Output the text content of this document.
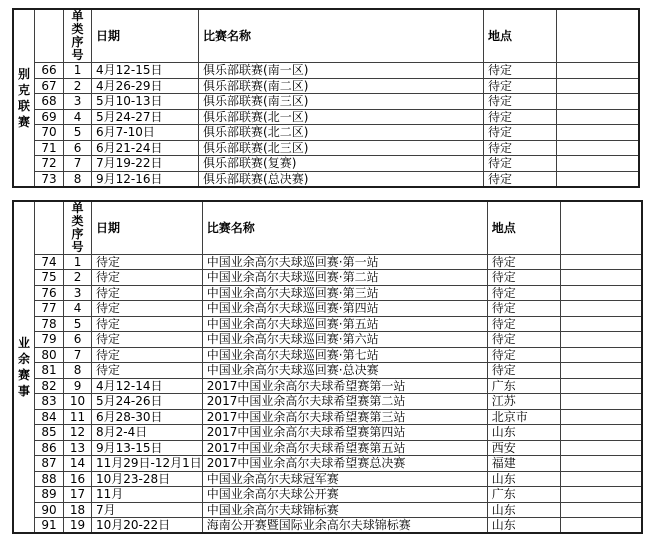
别克联赛		单类序号	日期	比赛名称	地点	
	66	1	4月12-15日	俱乐部联赛(南一区)	待定	
	67	2	4月26-29日	俱乐部联赛(南二区)	待定	
	68	3	5月10-13日	俱乐部联赛(南三区)	待定	
	69	4	5月24-27日	俱乐部联赛(北一区)	待定	
	70	5	6月7-10日	俱乐部联赛(北二区)	待定	
	71	6	6月21-24日	俱乐部联赛(北三区)	待定	
	72	7	7月19-22日	俱乐部联赛(复赛)	待定	
	73	8	9月12-16日	俱乐部联赛(总决赛)	待定	
业余赛事		单类序号	日期	比赛名称	地点	
	74	1	待定	中国业余高尔夫球巡回赛·第一站	待定	
	75	2	待定	中国业余高尔夫球巡回赛·第二站	待定	
	76	3	待定	中国业余高尔夫球巡回赛·第三站	待定	
	77	4	待定	中国业余高尔夫球巡回赛·第四站	待定	
	78	5	待定	中国业余高尔夫球巡回赛·第五站	待定	
	79	6	待定	中国业余高尔夫球巡回赛·第六站	待定	
	80	7	待定	中国业余高尔夫球巡回赛·第七站	待定	
	81	8	待定	中国业余高尔夫球巡回赛·总决赛	待定	
	82	9	4月12-14日	2017中国业余高尔夫球希望赛第一站	广东	
	83	10	5月24-26日	2017中国业余高尔夫球希望赛第二站	江苏	
	84	11	6月28-30日	2017中国业余高尔夫球希望赛第三站	北京市	
	85	12	8月2-4日	2017中国业余高尔夫球希望赛第四站	山东	
	86	13	9月13-15日	2017中国业余高尔夫球希望赛第五站	西安	
	87	14	11月29日-12月1日	2017中国业余高尔夫球希望赛总决赛	福建	
	88	16	10月23-28日	中国业余高尔夫球冠军赛	山东	
	89	17	11月	中国业余高尔夫球公开赛	广东	
	90	18	7月	中国业余高尔夫球锦标赛	山东	
	91	19	10月20-22日	海南公开赛暨国际业余高尔夫球锦标赛	山东	
